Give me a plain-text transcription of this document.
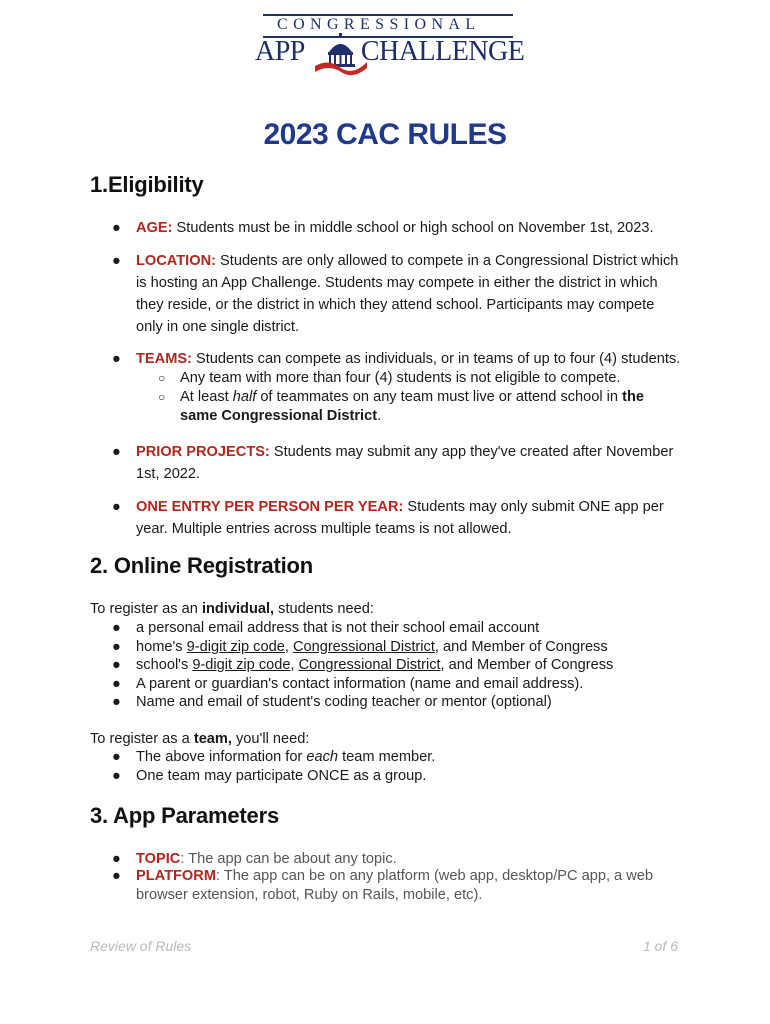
CONGRESSIONAL
APP CHALLENGE
2023 CAC RULES
1.Eligibility
● AGE: Students must be in middle school or high school on November 1st, 2023.
● LOCATION: Students are only allowed to compete in a Congressional District which is hosting an App Challenge. Students may compete in either the district in which they reside, or the district in which they attend school. Participants may compete only in one single district.
● TEAMS: Students can compete as individuals, or in teams of up to four (4) students.
○ Any team with more than four (4) students is not eligible to compete.
○ At least half of teammates on any team must live or attend school in the same Congressional District.
● PRIOR PROJECTS: Students may submit any app they've created after November 1st, 2022.
● ONE ENTRY PER PERSON PER YEAR: Students may only submit ONE app per year. Multiple entries across multiple teams is not allowed.
2. Online Registration
To register as an individual, students need:
● a personal email address that is not their school email account
● home's 9-digit zip code, Congressional District, and Member of Congress
● school's 9-digit zip code, Congressional District, and Member of Congress
● A parent or guardian's contact information (name and email address).
● Name and email of student's coding teacher or mentor (optional)
To register as a team, you'll need:
● The above information for each team member.
● One team may participate ONCE as a group.
3. App Parameters
● TOPIC: The app can be about any topic.
● PLATFORM: The app can be on any platform (web app, desktop/PC app, a web browser extension, robot, Ruby on Rails, mobile, etc).
Review of Rules	1 of 6
